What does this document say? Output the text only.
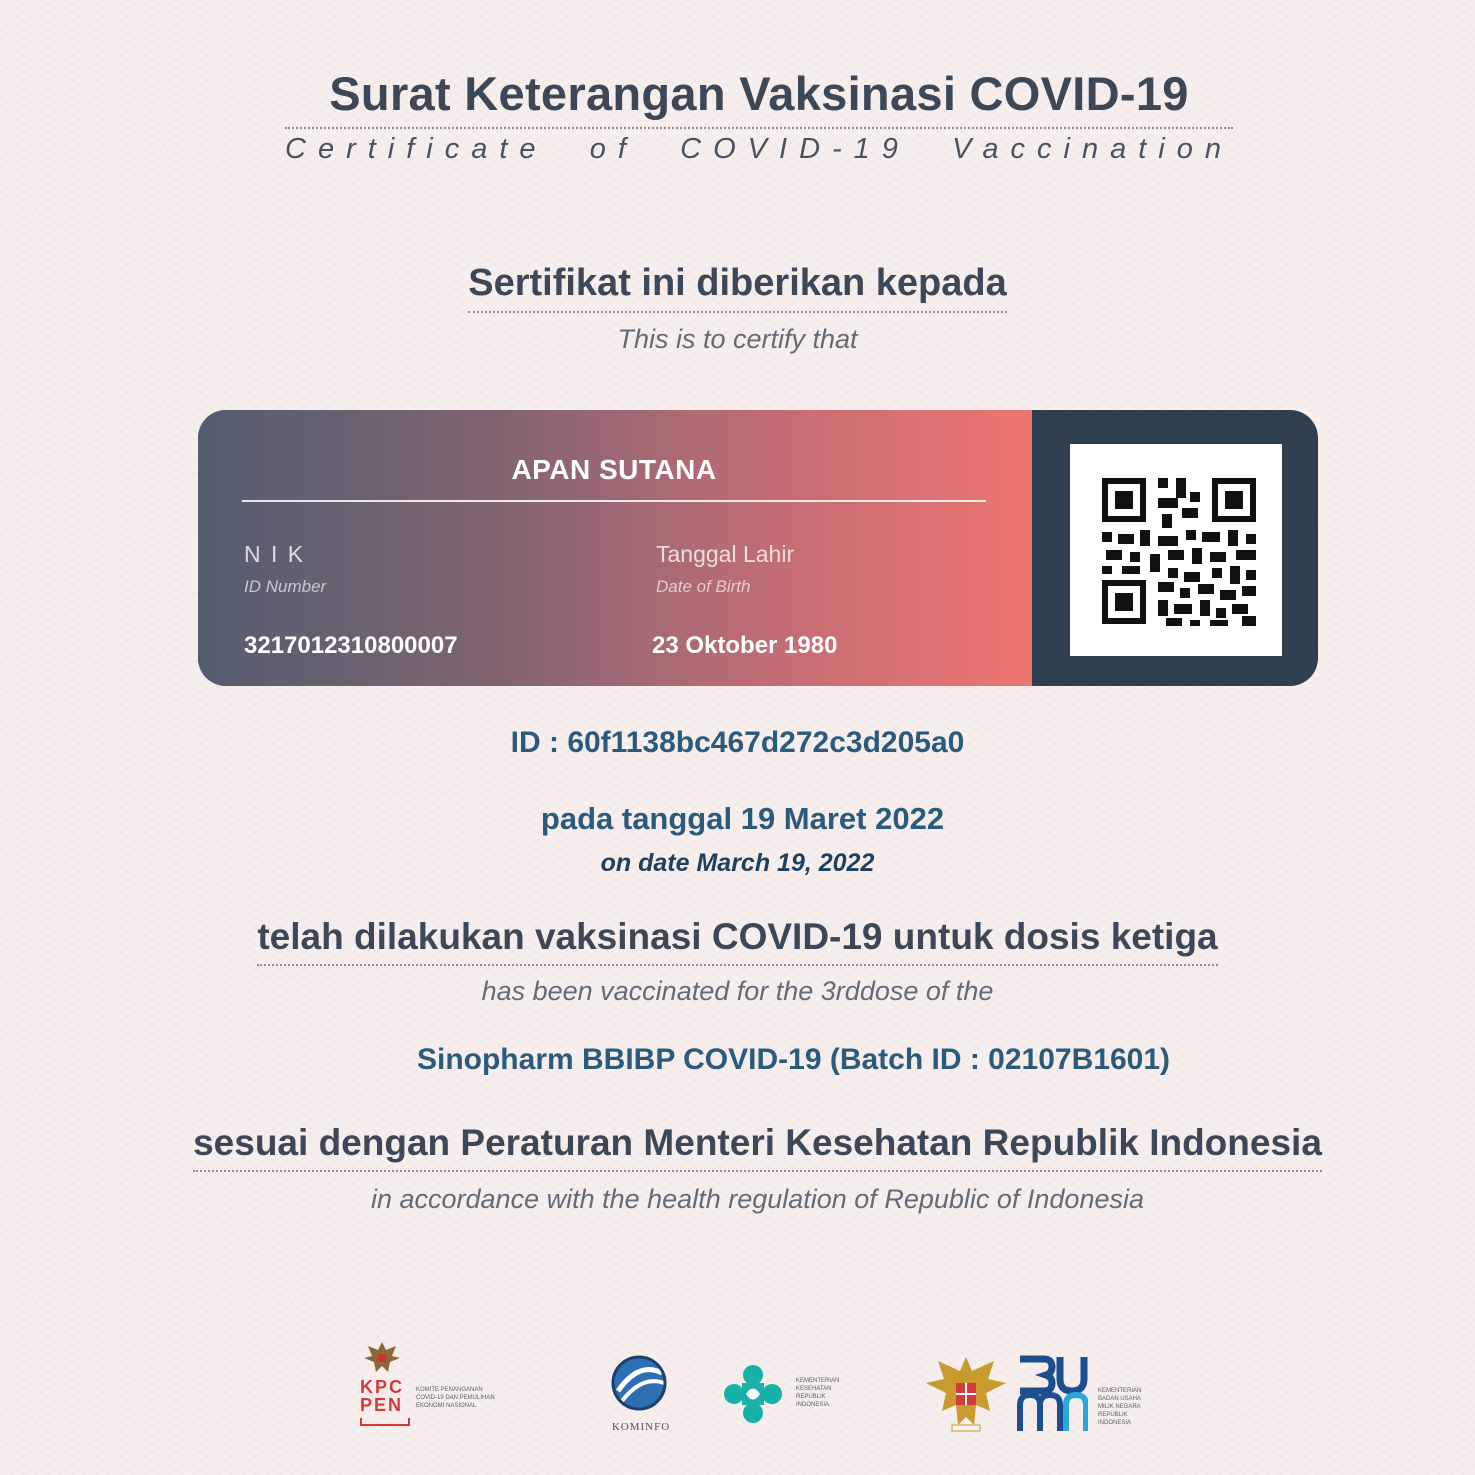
Surat Keterangan Vaksinasi COVID-19
Certificate of COVID-19 Vaccination
Sertifikat ini diberikan kepada
This is to certify that
APAN SUTANA
N I K
ID Number
3217012310800007
Tanggal Lahir
Date of Birth
23 Oktober 1980
ID : 60f1138bc467d272c3d205a0
pada tanggal 19 Maret 2022
on date March 19, 2022
telah dilakukan vaksinasi COVID-19 untuk dosis ketiga
has been vaccinated for the 3rddose of the
Sinopharm BBIBP COVID-19 (Batch ID : 02107B1601)
sesuai dengan Peraturan Menteri Kesehatan Republik Indonesia
in accordance with the health regulation of Republic of Indonesia
KPC
PEN
KOMITE PENANGANAN
COVID-19 DAN PEMULIHAN
EKONOMI NASIONAL
KOMINFO
KEMENTERIAN
KESEHATAN
REPUBLIK
INDONESIA
KEMENTERIAN
BADAN USAHA
MILIK NEGARA
REPUBLIK
INDONESIA
